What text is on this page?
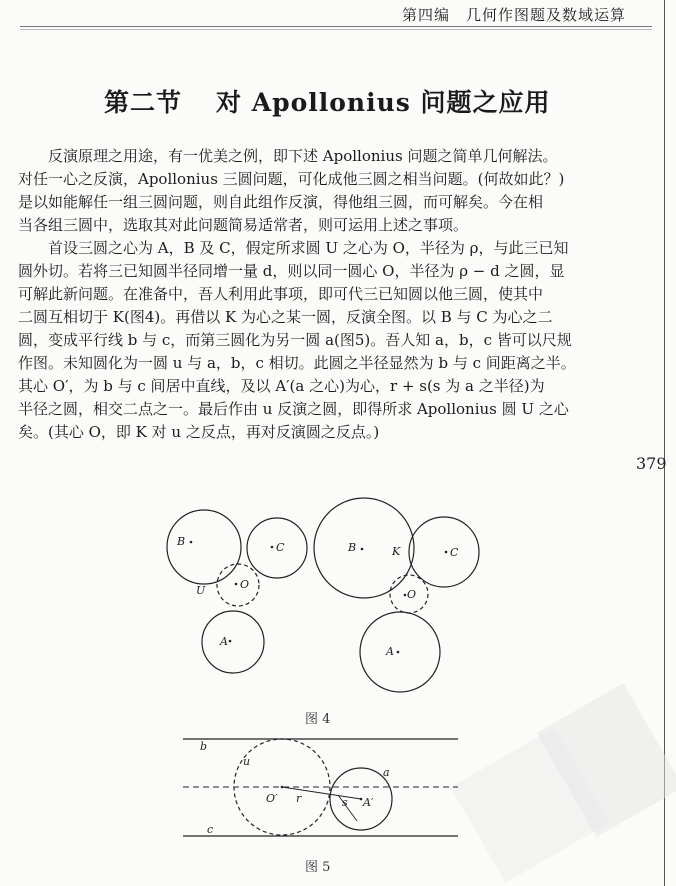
第四编　几何作图题及数域运算
第二节 对 Apollonius 问题之应用
反演原理之用途，有一优美之例，即下述 Apollonius 问题之简单几何解法。
对任一心之反演，Apollonius 三圆问题，可化成他三圆之相当问题。(何故如此？)
是以如能解任一组三圆问题，则自此组作反演，得他组三圆，而可解矣。今在相
当各组三圆中，选取其对此问题简易适常者，则可运用上述之事项。
首设三圆之心为 A，B 及 C，假定所求圆 U 之心为 O，半径为 ρ，与此三已知
圆外切。若将三已知圆半径同增一量 d，则以同一圆心 O，半径为 ρ − d 之圆，显
可解此新问题。在准备中，吾人利用此事项，即可代三已知圆以他三圆，使其中
二圆互相切于 K(图4)。再借以 K 为心之某一圆，反演全图。以 B 与 C 为心之二
圆，变成平行线 b 与 c，而第三圆化为另一圆 a(图5)。吾人知 a，b，c 皆可以尺规
作图。未知圆化为一圆 u 与 a，b，c 相切。此圆之半径显然为 b 与 c 间距离之半。
其心 O′，为 b 与 c 间居中直线，及以 A′(a 之心)为心，r + s(s 为 a 之半径)为
半径之圆，相交二点之一。最后作由 u 反演之圆，即得所求 Apollonius 圆 U 之心
矣。(其心 O，即 K 对 u 之反点，再对反演圆之反点。)
379
B	C
U	O
A
B	K	C
O
A
图 4
b
c
u
a
O′ r	s A′
图 5
